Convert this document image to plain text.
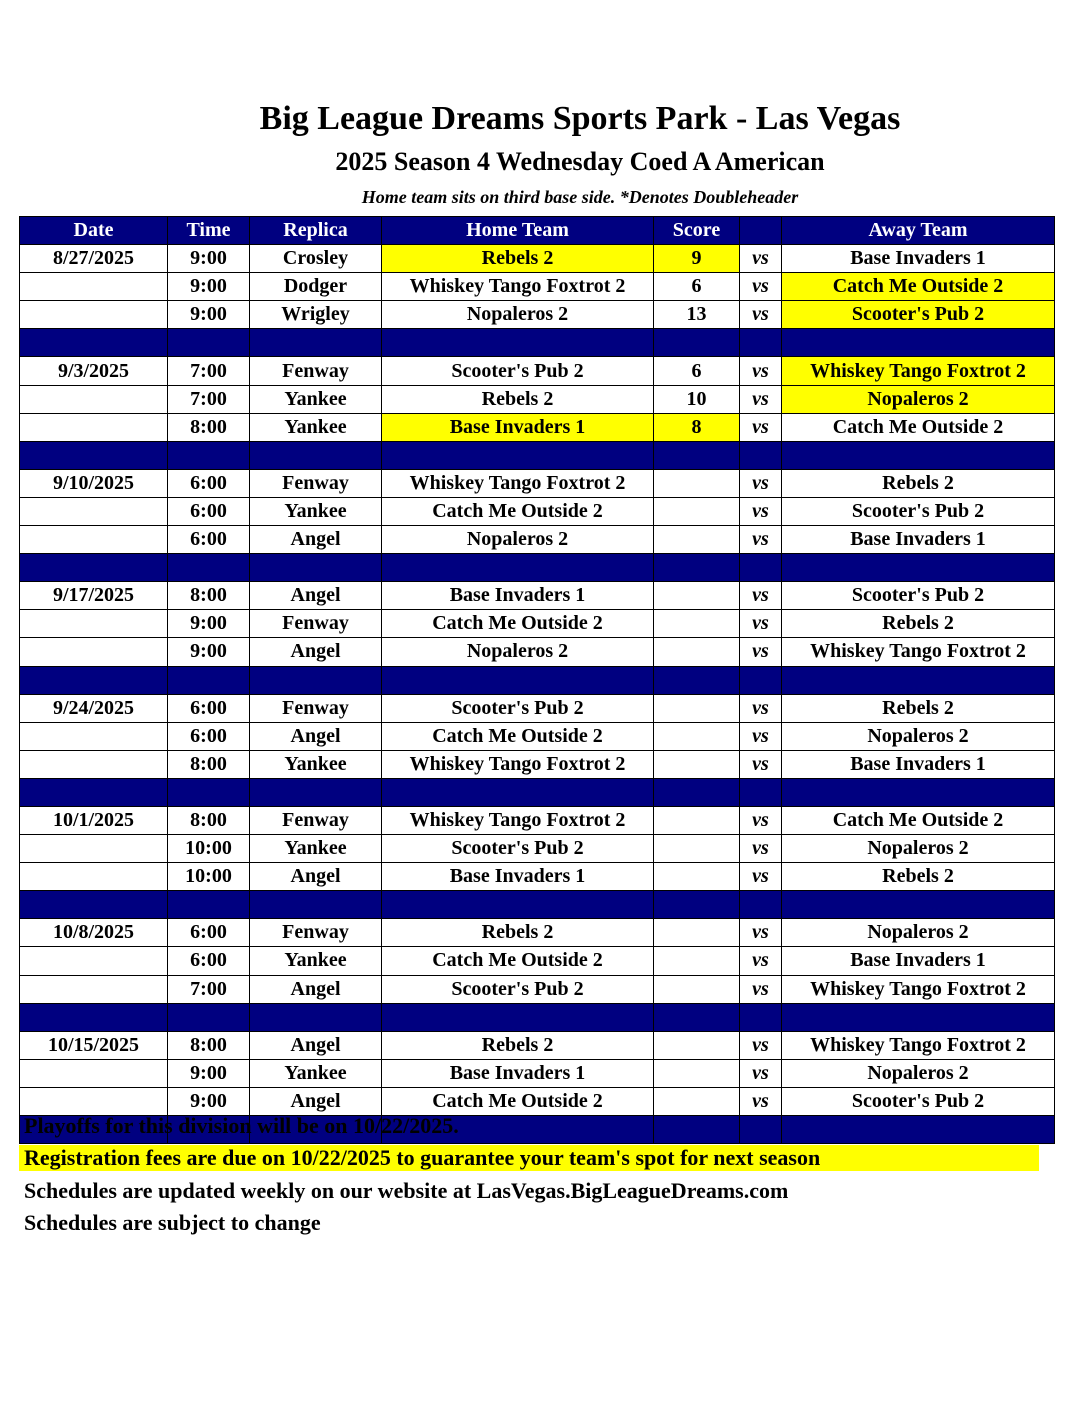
Big League Dreams Sports Park - Las Vegas
2025 Season 4 Wednesday Coed A American
Home team sits on third base side. *Denotes Doubleheader
Date	Time	Replica	Home Team	Score		Away Team
8/27/2025	9:00	Crosley	Rebels 2	9	vs	Base Invaders 1
	9:00	Dodger	Whiskey Tango Foxtrot 2	6	vs	Catch Me Outside 2
	9:00	Wrigley	Nopaleros 2	13	vs	Scooter's Pub 2

9/3/2025	7:00	Fenway	Scooter's Pub 2	6	vs	Whiskey Tango Foxtrot 2
	7:00	Yankee	Rebels 2	10	vs	Nopaleros 2
	8:00	Yankee	Base Invaders 1	8	vs	Catch Me Outside 2

9/10/2025	6:00	Fenway	Whiskey Tango Foxtrot 2		vs	Rebels 2
	6:00	Yankee	Catch Me Outside 2		vs	Scooter's Pub 2
	6:00	Angel	Nopaleros 2		vs	Base Invaders 1

9/17/2025	8:00	Angel	Base Invaders 1		vs	Scooter's Pub 2
	9:00	Fenway	Catch Me Outside 2		vs	Rebels 2
	9:00	Angel	Nopaleros 2		vs	Whiskey Tango Foxtrot 2

9/24/2025	6:00	Fenway	Scooter's Pub 2		vs	Rebels 2
	6:00	Angel	Catch Me Outside 2		vs	Nopaleros 2
	8:00	Yankee	Whiskey Tango Foxtrot 2		vs	Base Invaders 1

10/1/2025	8:00	Fenway	Whiskey Tango Foxtrot 2		vs	Catch Me Outside 2
	10:00	Yankee	Scooter's Pub 2		vs	Nopaleros 2
	10:00	Angel	Base Invaders 1		vs	Rebels 2

10/8/2025	6:00	Fenway	Rebels 2		vs	Nopaleros 2
	6:00	Yankee	Catch Me Outside 2		vs	Base Invaders 1
	7:00	Angel	Scooter's Pub 2		vs	Whiskey Tango Foxtrot 2

10/15/2025	8:00	Angel	Rebels 2		vs	Whiskey Tango Foxtrot 2
	9:00	Yankee	Base Invaders 1		vs	Nopaleros 2
	9:00	Angel	Catch Me Outside 2		vs	Scooter's Pub 2

Playoffs for this division will be on 10/22/2025.
Registration fees are due on 10/22/2025 to guarantee your team's spot for next season
Schedules are updated weekly on our website at LasVegas.BigLeagueDreams.com
Schedules are subject to change
